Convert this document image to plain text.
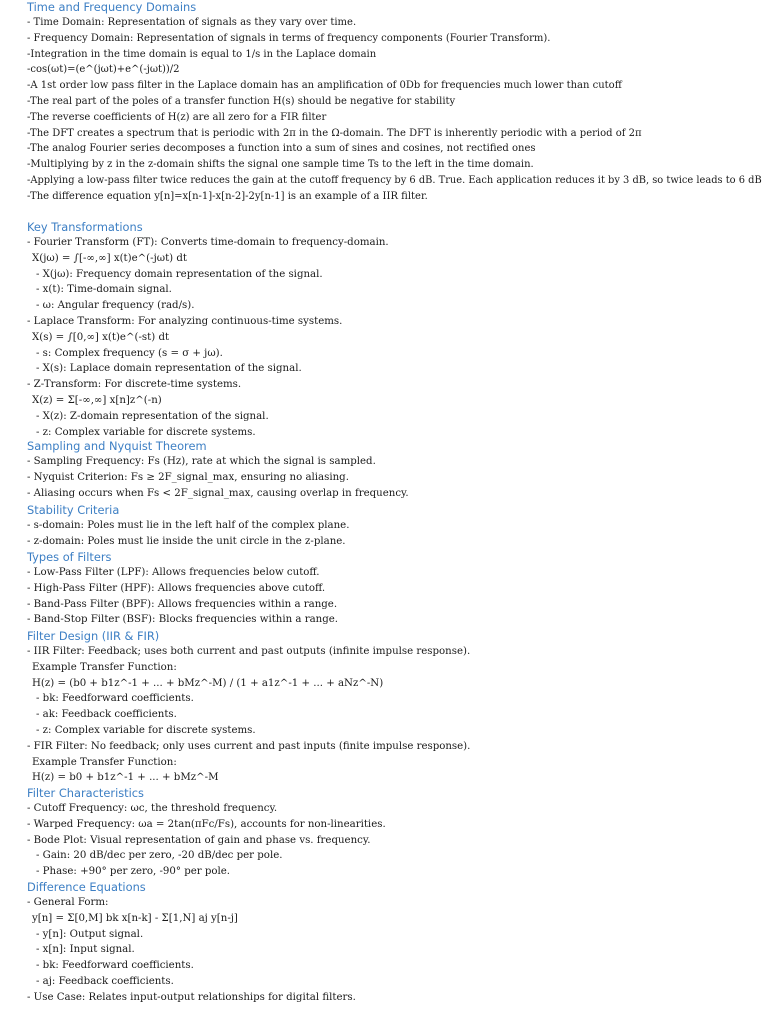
Time and Frequency Domains
- Time Domain: Representation of signals as they vary over time.
- Frequency Domain: Representation of signals in terms of frequency components (Fourier Transform).
-Integration in the time domain is equal to 1/s in the Laplace domain
-cos(ωt)=(e^(jωt)+e^(-jωt))/2
-A 1st order low pass filter in the Laplace domain has an amplification of 0Db for frequencies much lower than cutoff
-The real part of the poles of a transfer function H(s) should be negative for stability
-The reverse coefficients of H(z) are all zero for a FIR filter
-The DFT creates a spectrum that is periodic with 2π in the Ω-domain. The DFT is inherently periodic with a period of 2π
-The analog Fourier series decomposes a function into a sum of sines and cosines, not rectified ones
-Multiplying by z in the z-domain shifts the signal one sample time Ts to the left in the time domain.
-Applying a low-pass filter twice reduces the gain at the cutoff frequency by 6 dB. True. Each application reduces it by 3 dB, so twice leads to 6 dB
-The difference equation y[n]=x[n-1]-x[n-2]-2y[n-1] is an example of a IIR filter.
Key Transformations
- Fourier Transform (FT): Converts time-domain to frequency-domain.
X(jω) = ∫[-∞,∞] x(t)e^(-jωt) dt
- X(jω): Frequency domain representation of the signal.
- x(t): Time-domain signal.
- ω: Angular frequency (rad/s).
- Laplace Transform: For analyzing continuous-time systems.
X(s) = ∫[0,∞] x(t)e^(-st) dt
- s: Complex frequency (s = σ + jω).
- X(s): Laplace domain representation of the signal.
- Z-Transform: For discrete-time systems.
X(z) = Σ[-∞,∞] x[n]z^(-n)
- X(z): Z-domain representation of the signal.
- z: Complex variable for discrete systems.
Sampling and Nyquist Theorem
- Sampling Frequency: Fs (Hz), rate at which the signal is sampled.
- Nyquist Criterion: Fs ≥ 2F_signal_max, ensuring no aliasing.
- Aliasing occurs when Fs < 2F_signal_max, causing overlap in frequency.
Stability Criteria
- s-domain: Poles must lie in the left half of the complex plane.
- z-domain: Poles must lie inside the unit circle in the z-plane.
Types of Filters
- Low-Pass Filter (LPF): Allows frequencies below cutoff.
- High-Pass Filter (HPF): Allows frequencies above cutoff.
- Band-Pass Filter (BPF): Allows frequencies within a range.
- Band-Stop Filter (BSF): Blocks frequencies within a range.
Filter Design (IIR & FIR)
- IIR Filter: Feedback; uses both current and past outputs (infinite impulse response).
Example Transfer Function:
H(z) = (b0 + b1z^-1 + ... + bMz^-M) / (1 + a1z^-1 + ... + aNz^-N)
- bk: Feedforward coefficients.
- ak: Feedback coefficients.
- z: Complex variable for discrete systems.
- FIR Filter: No feedback; only uses current and past inputs (finite impulse response).
Example Transfer Function:
H(z) = b0 + b1z^-1 + ... + bMz^-M
Filter Characteristics
- Cutoff Frequency: ωc, the threshold frequency.
- Warped Frequency: ωa = 2tan(πFc/Fs), accounts for non-linearities.
- Bode Plot: Visual representation of gain and phase vs. frequency.
- Gain: 20 dB/dec per zero, -20 dB/dec per pole.
- Phase: +90° per zero, -90° per pole.
Difference Equations
- General Form:
y[n] = Σ[0,M] bk x[n-k] - Σ[1,N] aj y[n-j]
- y[n]: Output signal.
- x[n]: Input signal.
- bk: Feedforward coefficients.
- aj: Feedback coefficients.
- Use Case: Relates input-output relationships for digital filters.
